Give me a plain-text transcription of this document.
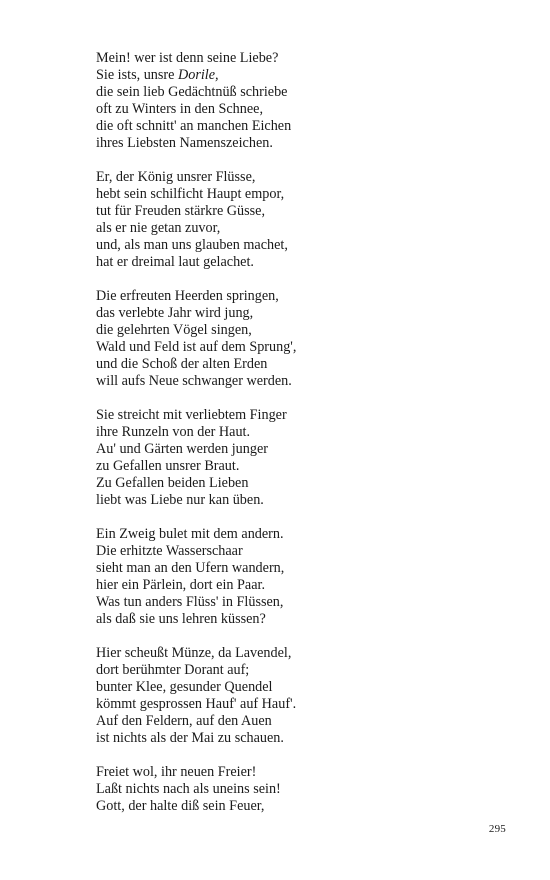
Mein! wer ist denn seine Liebe?
Sie ists, unsre Dorile,
die sein lieb Gedächtnüß schriebe
oft zu Winters in den Schnee,
die oft schnitt' an manchen Eichen
ihres Liebsten Namenszeichen.
Er, der König unsrer Flüsse,
hebt sein schilficht Haupt empor,
tut für Freuden stärkre Güsse,
als er nie getan zuvor,
und, als man uns glauben machet,
hat er dreimal laut gelachet.
Die erfreuten Heerden springen,
das verlebte Jahr wird jung,
die gelehrten Vögel singen,
Wald und Feld ist auf dem Sprung',
und die Schoß der alten Erden
will aufs Neue schwanger werden.
Sie streicht mit verliebtem Finger
ihre Runzeln von der Haut.
Au' und Gärten werden junger
zu Gefallen unsrer Braut.
Zu Gefallen beiden Lieben
liebt was Liebe nur kan üben.
Ein Zweig bulet mit dem andern.
Die erhitzte Wasserschaar
sieht man an den Ufern wandern,
hier ein Pärlein, dort ein Paar.
Was tun anders Flüss' in Flüssen,
als daß sie uns lehren küssen?
Hier scheußt Münze, da Lavendel,
dort berühmter Dorant auf;
bunter Klee, gesunder Quendel
kömmt gesprossen Hauf' auf Hauf'.
Auf den Feldern, auf den Auen
ist nichts als der Mai zu schauen.
Freiet wol, ihr neuen Freier!
Laßt nichts nach als uneins sein!
Gott, der halte diß sein Feuer,
295
